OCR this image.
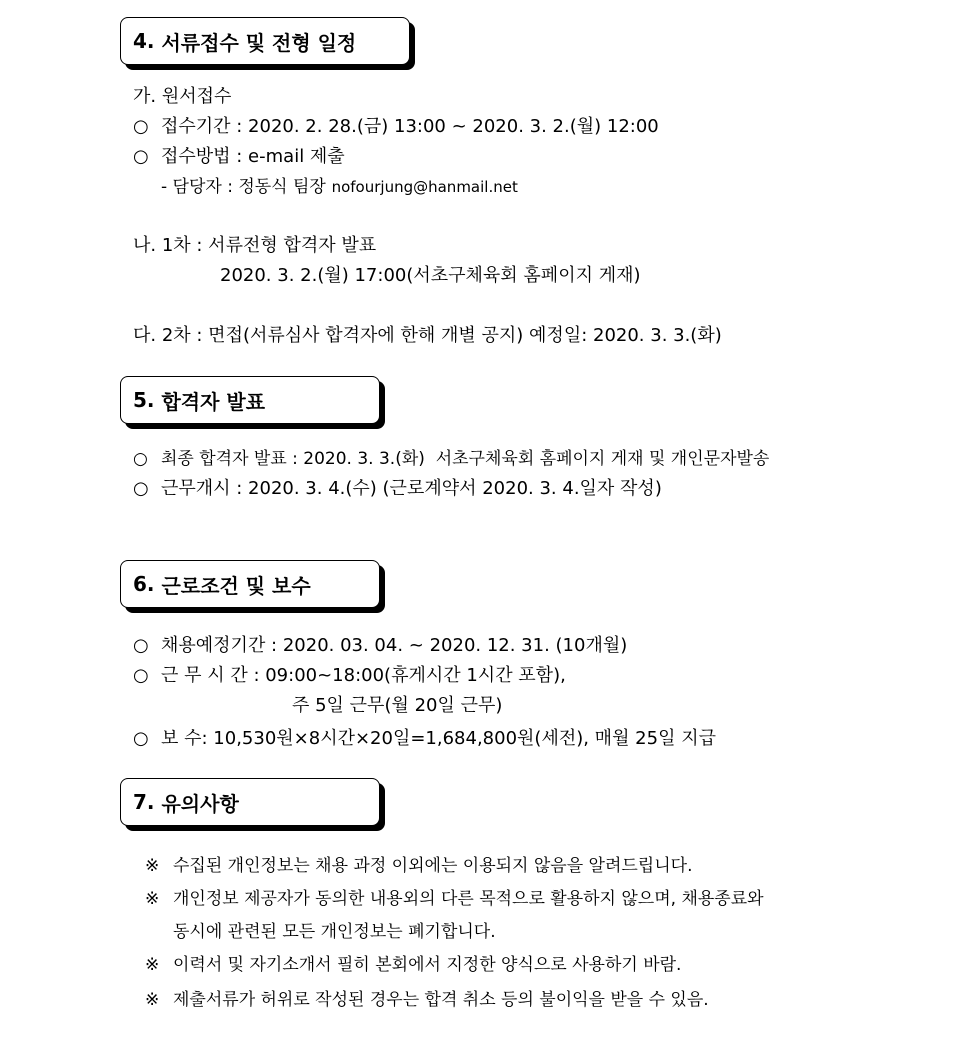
4.
서류접수 및 전형 일정
가. 원서접수
○ 접수기간 : 2020. 2. 28.(금) 13:00 ~ 2020. 3. 2.(월) 12:00
○ 접수방법 : e-mail 제출
- 담당자 : 정동식 팀장 nofourjung@hanmail.net
나. 1차 : 서류전형 합격자 발표
2020. 3. 2.(월) 17:00(서초구체육회 홈페이지 게재)
다. 2차 : 면접(서류심사 합격자에 한해 개별 공지) 예정일: 2020. 3. 3.(화)
5.
합격자 발표
○ 최종 합격자 발표 : 2020. 3. 3.(화)  서초구체육회 홈페이지 게재 및 개인문자발송
○ 근무개시 : 2020. 3. 4.(수) (근로계약서 2020. 3. 4.일자 작성)
6.
근로조건 및 보수
○ 채용예정기간 : 2020. 03. 04. ~ 2020. 12. 31. (10개월)
○ 근 무 시 간 : 09:00~18:00(휴게시간 1시간 포함),
주 5일 근무(월 20일 근무)
○ 보 수: 10,530원×8시간×20일=1,684,800원(세전), 매월 25일 지급
7.
유의사항
※ 수집된 개인정보는 채용 과정 이외에는 이용되지 않음을 알려드립니다.
※ 개인정보 제공자가 동의한 내용외의 다른 목적으로 활용하지 않으며, 채용종료와
동시에 관련된 모든 개인정보는 폐기합니다.
※ 이력서 및 자기소개서 필히 본회에서 지정한 양식으로 사용하기 바람.
※ 제출서류가 허위로 작성된 경우는 합격 취소 등의 불이익을 받을 수 있음.
